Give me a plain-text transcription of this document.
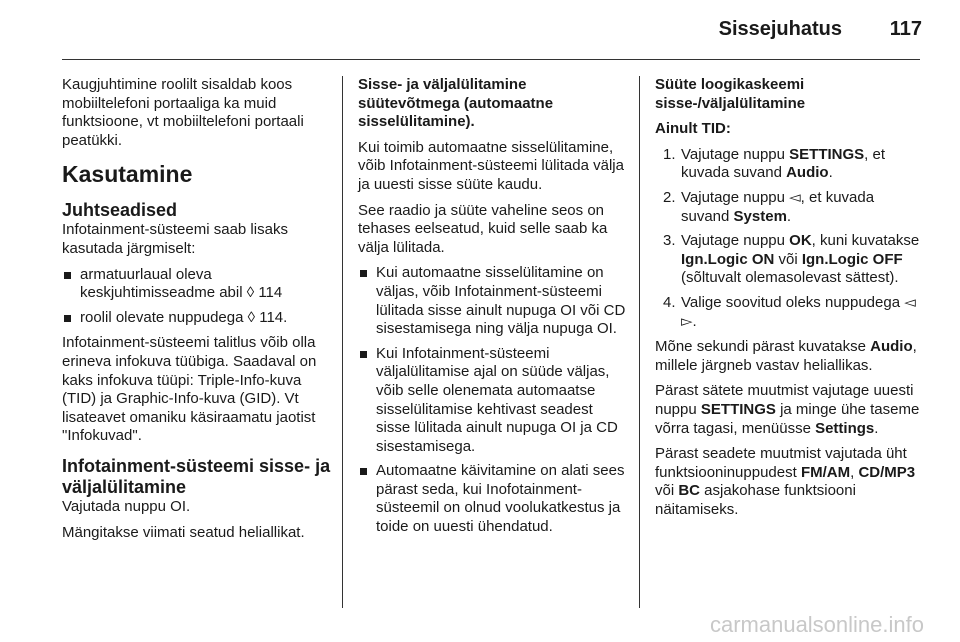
Sissejuhatus 117

Kaugjuhtimine roolilt sisaldab koos mobiiltelefoni portaaliga ka muid funktsioone, vt mobiiltelefoni portaali peatükki.

Kasutamine
Juhtseadised

Infotainment-süsteemi saab lisaks kasutada järgmiselt:

armatuurlaual oleva keskjuhtimisseadme abil ◊ 114
roolil olevate nuppudega ◊ 114.

Infotainment-süsteemi talitlus võib olla erineva infokuva tüübiga. Saadaval on kaks infokuva tüüpi: Triple-Info-kuva (TID) ja Graphic-Info-kuva (GID). Vt lisateavet omaniku käsiraamatu jaotist "Infokuvad".

Infotainment-süsteemi sisse- ja väljalülitamine

Vajutada nuppu OI.

Mängitakse viimati seatud heliallikat.

Sisse- ja väljalülitamine süütevõtmega (automaatne sisselülitamine).

Kui toimib automaatne sisselülitamine, võib Infotainment-süsteemi lülitada välja ja uuesti sisse süüte kaudu.

See raadio ja süüte vaheline seos on tehases eelseatud, kuid selle saab ka välja lülitada.

Kui automaatne sisselülitamine on väljas, võib Infotainment-süsteemi lülitada sisse ainult nupuga OI või CD sisestamisega ning välja nupuga OI.
Kui Infotainment-süsteemi väljalülitamise ajal on süüde väljas, võib selle olenemata automaatse sisselülitamise kehtivast seadest sisse lülitada ainult nupuga OI ja CD sisestamisega.
Automaatne käivitamine on alati sees pärast seda, kui Inofotainment-süsteemil on olnud voolukatkestus ja toide on uuesti ühendatud.

Süüte loogikaskeemi sisse-/väljalülitamine

Ainult TID:

1. Vajutage nuppu SETTINGS, et kuvada suvand Audio.
2. Vajutage nuppu ◅, et kuvada suvand System.
3. Vajutage nuppu OK, kuni kuvatakse Ign.Logic ON või Ign.Logic OFF (sõltuvalt olemasolevast sättest).
4. Valige soovitud oleks nuppudega ◅ ▻.

Mõne sekundi pärast kuvatakse Audio, millele järgneb vastav heliallikas.

Pärast sätete muutmist vajutage uuesti nuppu SETTINGS ja minge ühe taseme võrra tagasi, menüüsse Settings.

Pärast seadete muutmist vajutada üht funktsiooninuppudest FM/AM, CD/MP3 või BC asjakohase funktsiooni näitamiseks.

carmanualsonline.info
